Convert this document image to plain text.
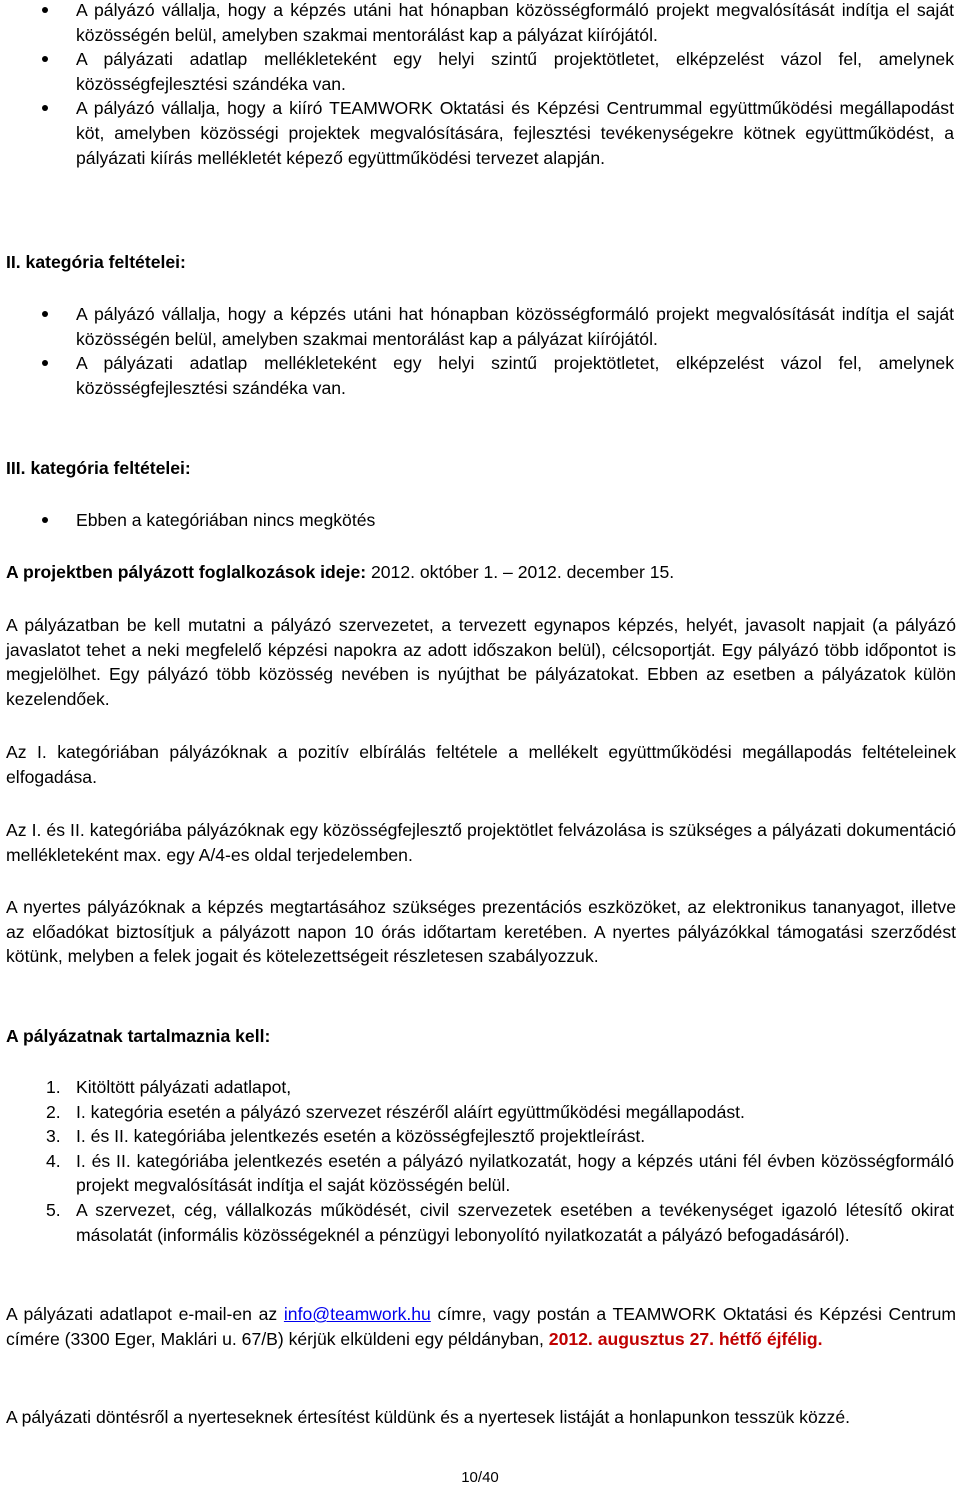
A pályázó vállalja, hogy a képzés utáni hat hónapban közösségformáló projekt megvalósítását indítja el saját közösségén belül, amelyben szakmai mentorálást kap a pályázat kiírójától.
A pályázati adatlap mellékleteként egy helyi szintű projektötletet, elképzelést vázol fel, amelynek közösségfejlesztési szándéka van.
A pályázó vállalja, hogy a kiíró TEAMWORK Oktatási és Képzési Centrummal együttműködési megállapodást köt, amelyben közösségi projektek megvalósítására, fejlesztési tevékenységekre kötnek együttműködést, a pályázati kiírás mellékletét képező együttműködési tervezet alapján.
II. kategória feltételei:
A pályázó vállalja, hogy a képzés utáni hat hónapban közösségformáló projekt megvalósítását indítja el saját közösségén belül, amelyben szakmai mentorálást kap a pályázat kiírójától.
A pályázati adatlap mellékleteként egy helyi szintű projektötletet, elképzelést vázol fel, amelynek közösségfejlesztési szándéka van.
III. kategória feltételei:
Ebben a kategóriában nincs megkötés

A projektben pályázott foglalkozások ideje: 2012. október 1. – 2012. december 15.

A pályázatban be kell mutatni a pályázó szervezetet, a tervezett egynapos képzés, helyét, javasolt napjait (a pályázó javaslatot tehet a neki megfelelő képzési napokra az adott időszakon belül), célcsoportját. Egy pályázó több időpontot is megjelölhet. Egy pályázó több közösség nevében is nyújthat be pályázatokat. Ebben az esetben a pályázatok külön kezelendőek.

Az I. kategóriában pályázóknak a pozitív elbírálás feltétele a mellékelt együttműködési megállapodás feltételeinek elfogadása.

Az I. és II. kategóriába pályázóknak egy közösségfejlesztő projektötlet felvázolása is szükséges a pályázati dokumentáció mellékleteként max. egy A/4-es oldal terjedelemben.

A nyertes pályázóknak a képzés megtartásához szükséges prezentációs eszközöket, az elektronikus tananyagot, illetve az előadókat biztosítjuk a pályázott napon 10 órás időtartam keretében. A nyertes pályázókkal támogatási szerződést kötünk, melyben a felek jogait és kötelezettségeit részletesen szabályozzuk.

A pályázatnak tartalmaznia kell:
1. Kitöltött pályázati adatlapot,
2. I. kategória esetén a pályázó szervezet részéről aláírt együttműködési megállapodást.
3. I. és II. kategóriába jelentkezés esetén a közösségfejlesztő projektleírást.
4. I. és II. kategóriába jelentkezés esetén a pályázó nyilatkozatát, hogy a képzés utáni fél évben közösségformáló projekt megvalósítását indítja el saját közösségén belül.
5. A szervezet, cég, vállalkozás működését, civil szervezetek esetében a tevékenységet igazoló létesítő okirat másolatát (informális közösségeknél a pénzügyi lebonyolító nyilatkozatát a pályázó befogadásáról).

A pályázati adatlapot e-mail-en az info@teamwork.hu címre, vagy postán a TEAMWORK Oktatási és Képzési Centrum címére (3300 Eger, Maklári u. 67/B) kérjük elküldeni egy példányban, 2012. augusztus 27. hétfő éjfélig.

A pályázati döntésről a nyerteseknek értesítést küldünk és a nyertesek listáját a honlapunkon tesszük közzé.

10/40
